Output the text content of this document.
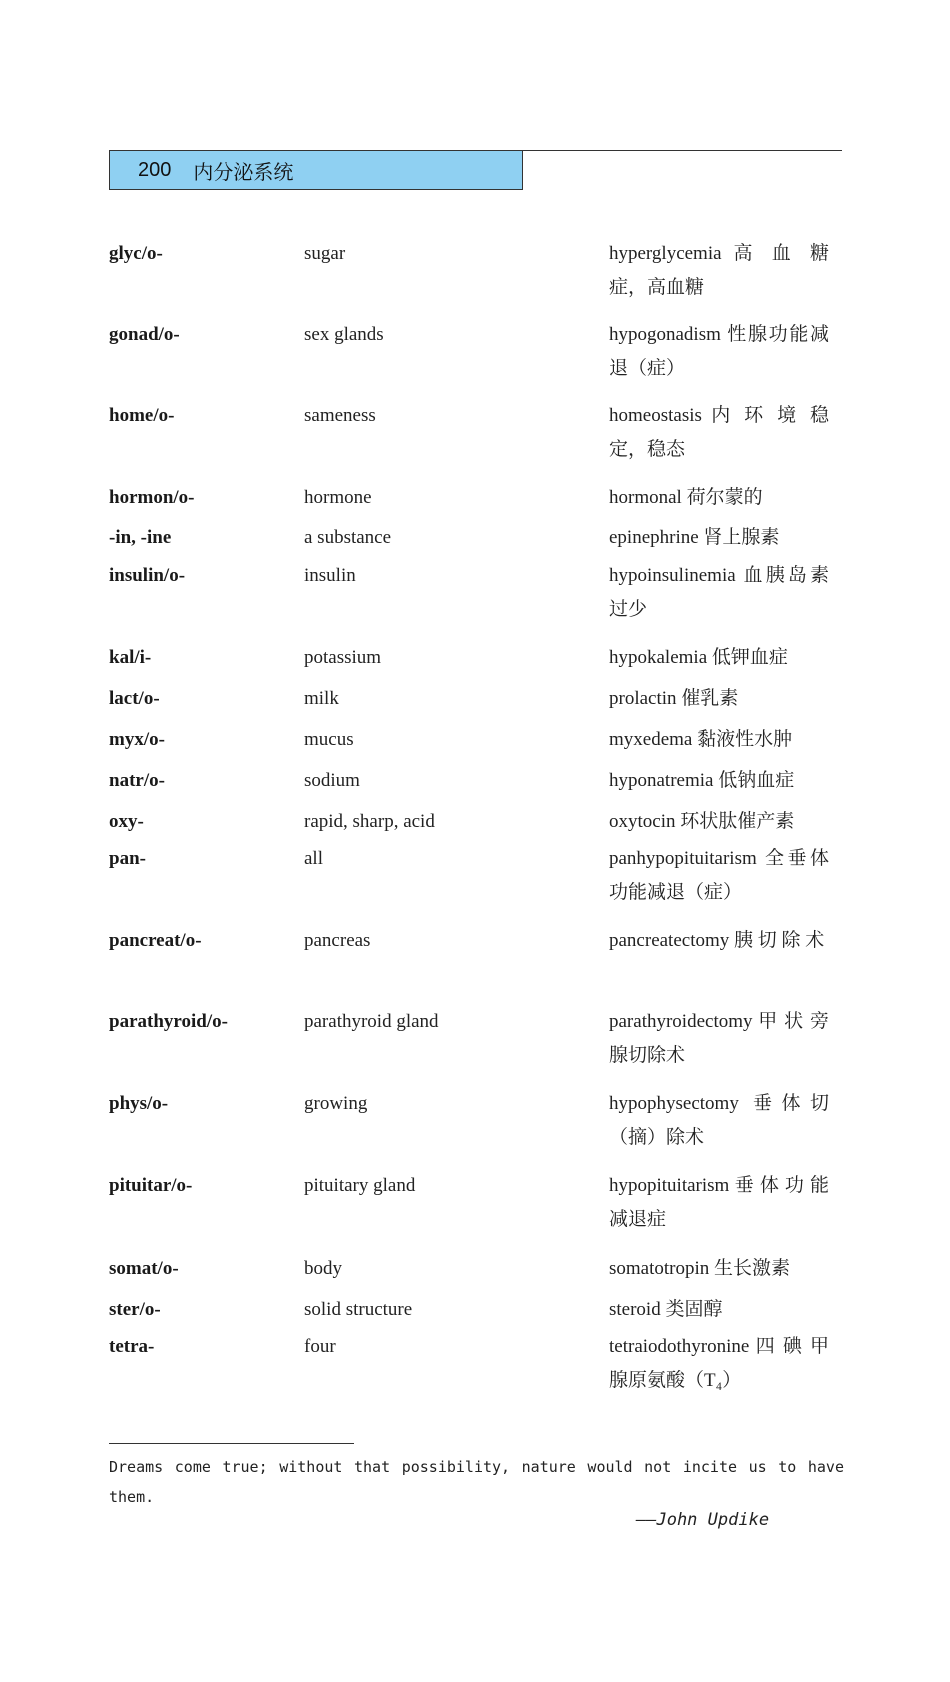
200 内分泌系统
glyc/o-	sugar	hyperglycemia 高 血 糖 症，高血糖
gonad/o-	sex glands	hypogonadism 性腺功能减退（症）
home/o-	sameness	homeostasis 内 环 境 稳 定，稳态
hormon/o-	hormone	hormonal 荷尔蒙的
-in, -ine	a substance	epinephrine 肾上腺素
insulin/o-	insulin	hypoinsulinemia 血胰岛素过少
kal/i-	potassium	hypokalemia 低钾血症
lact/o-	milk	prolactin 催乳素
myx/o-	mucus	myxedema 黏液性水肿
natr/o-	sodium	hyponatremia 低钠血症
oxy-	rapid, sharp, acid	oxytocin 环状肽催产素
pan-	all	panhypopituitarism 全垂体功能减退（症）
pancreat/o-	pancreas	pancreatectomy 胰 切 除 术
parathyroid/o-	parathyroid gland	parathyroidectomy 甲 状 旁腺切除术
phys/o-	growing	hypophysectomy 垂体切（摘）除术
pituitar/o-	pituitary gland	hypopituitarism 垂 体 功 能减退症
somat/o-	body	somatotropin 生长激素
ster/o-	solid structure	steroid 类固醇
tetra-	four	tetraiodothyronine 四 碘 甲腺原氨酸（T₄）
Dreams come true; without that possibility, nature would not incite us to have them.
——John Updike
